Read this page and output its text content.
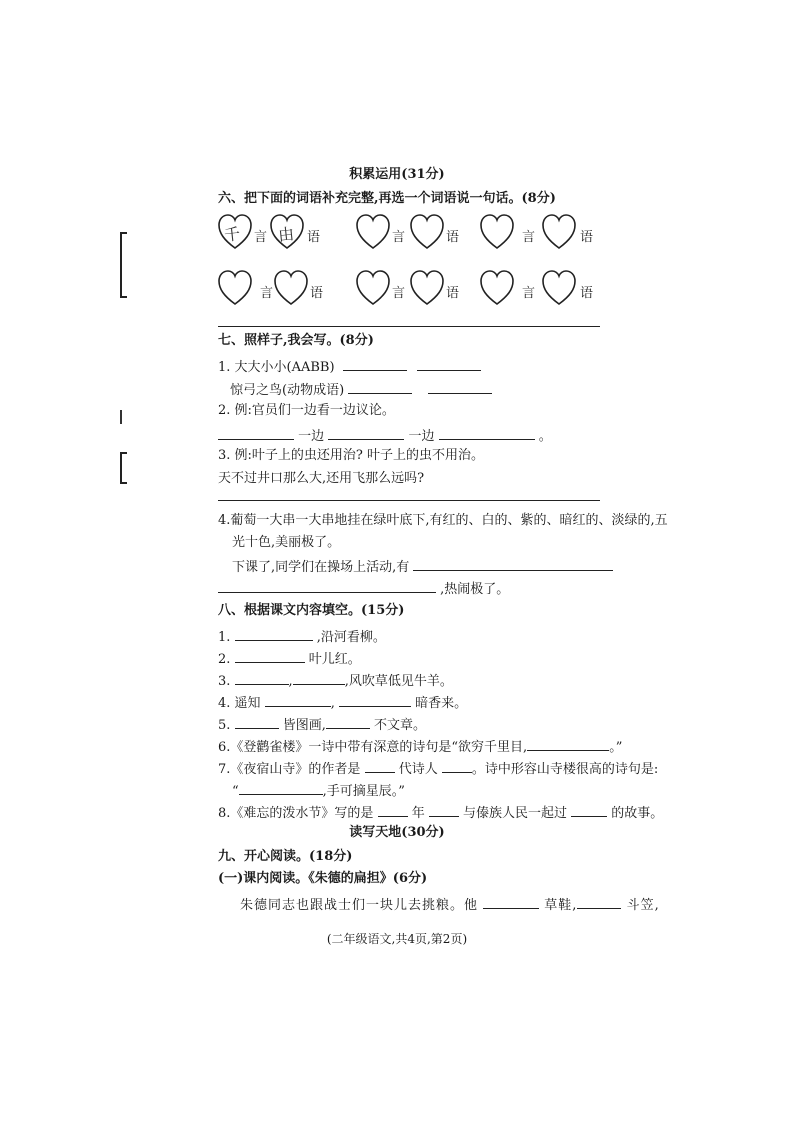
积累运用(31分)
六、把下面的词语补充完整,再选一个词语说一句话。(8分)
千 言 由 语	言	语	言	语
言	语	言	语	言	语
七、照样子,我会写。(8分)
1. 大大小小(AABB)
惊弓之鸟(动物成语)
2. 例:官员们一边看一边议论。
一边	一边	。
3. 例:叶子上的虫还用治? 叶子上的虫不用治。
天不过井口那么大,还用飞那么远吗?
4.葡萄一大串一大串地挂在绿叶底下,有红的、白的、紫的、暗红的、淡绿的,五
光十色,美丽极了。
下课了,同学们在操场上活动,有
,热闹极了。
八、根据课文内容填空。(15分)
1.	,沿河看柳。
2.	叶儿红。
3.	,	,风吹草低见牛羊。
4. 遥知	,	暗香来。
5.	皆图画,	不文章。
6.《登鹳雀楼》一诗中带有深意的诗句是“欲穷千里目,	。”
7.《夜宿山寺》的作者是	代诗人	。诗中形容山寺楼很高的诗句是:
“	,手可摘星辰。”
8.《难忘的泼水节》写的是	年	与傣族人民一起过	的故事。
读写天地(30分)
九、开心阅读。(18分)
(一)课内阅读。《朱德的扁担》(6分)
朱德同志也跟战士们一块儿去挑粮。他	草鞋,	斗笠,
(二年级语文,共4页,第2页)
